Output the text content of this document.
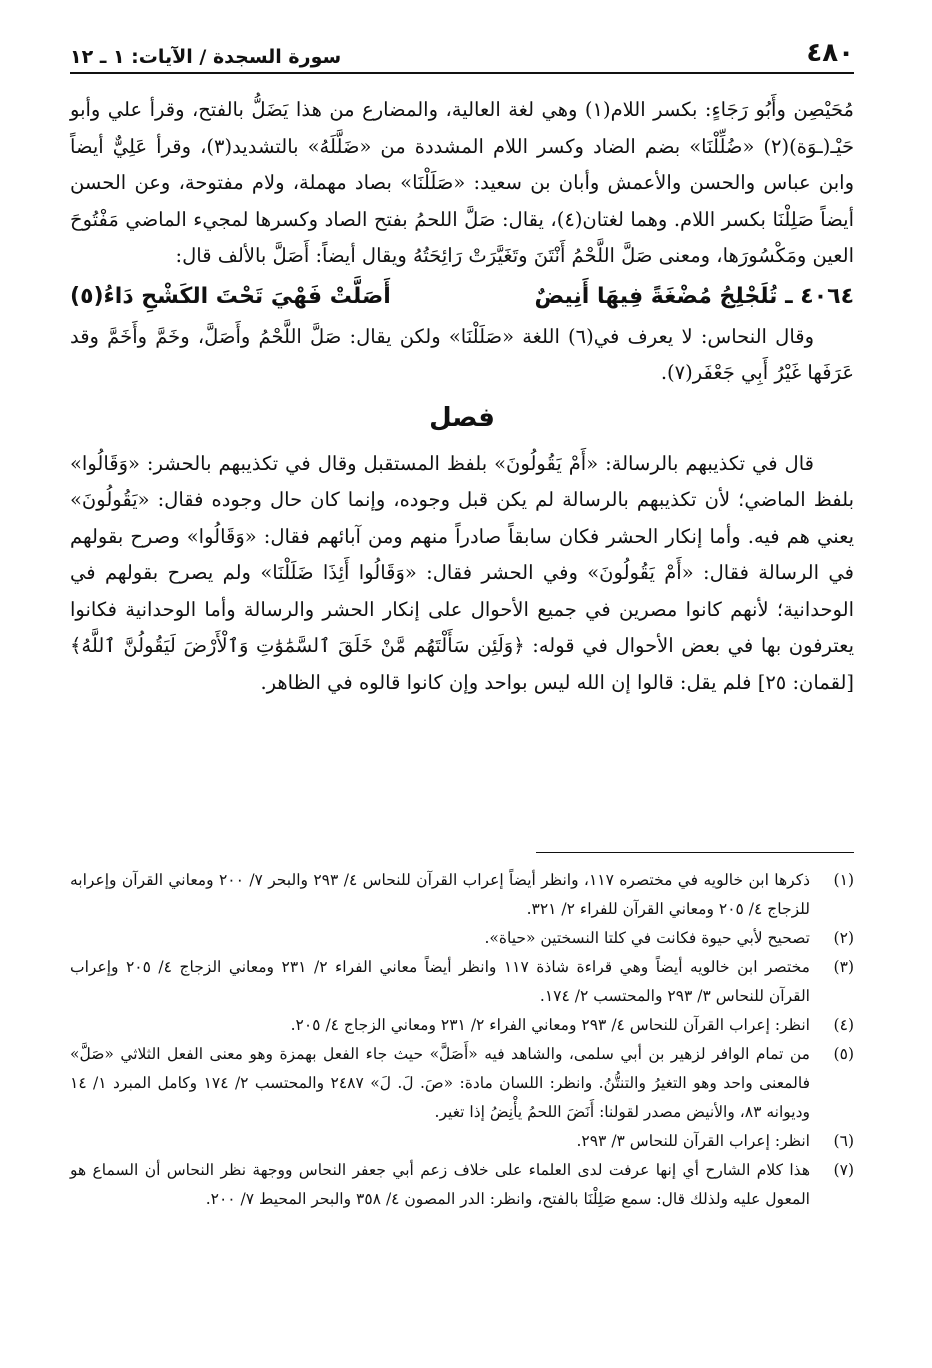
٤٨٠
سورة السجدة / الآيات: ١ ـ ١٢

مُحَيْصِن وأَبُو رَجَاءٍ: بكسر اللام(١) وهي لغة العالية، والمضارع من هذا يَضَلُّ بالفتح، وقرأ علي وأبو حَيْـ(ـوَة)(٢) «ضُلِّلْنَا» بضم الضاد وكسر اللام المشددة من «ضَلَّلَهُ» بالتشديد(٣)، وقرأ عَلِيٌّ أيضاً وابن عباس والحسن والأعمش وأبان بن سعيد: «صَلَلْنَا» بصاد مهملة، ولام مفتوحة، وعن الحسن أيضاً صَلِلْنَا بكسر اللام. وهما لغتان(٤)، يقال: صَلَّ اللحمُ بفتح الصاد وكسرها لمجيء الماضي مَفْتُوحَ العين ومَكْسُورَها، ومعنى صَلَّ اللَّحْمُ أَنْتَنَ وتَغَيَّرَتْ رَائِحَتُهُ ويقال أيضاً: أَصَلَّ بالألف قال:

٤٠٦٤ ـ تُلَجْلِجُ مُضْغَةً فِيهَا أَنِيضٌ
أَصَلَّتْ فَهْيَ تَحْتَ الكَشْحِ دَاءُ(٥)

وقال النحاس: لا يعرف في(٦) اللغة «صَلَلْنَا» ولكن يقال: صَلَّ اللَّحْمُ وأَصَلَّ، وخَمَّ وأَخَمَّ وقد عَرَفَها غَيْرُ أَبِي جَعْفَر(٧).

فصل

قال في تكذيبهم بالرسالة: «أَمْ يَقُولُونَ» بلفظ المستقبل وقال في تكذيبهم بالحشر: «وَقَالُوا» بلفظ الماضي؛ لأن تكذيبهم بالرسالة لم يكن قبل وجوده، وإنما كان حال وجوده فقال: «يَقُولُونَ» يعني هم فيه. وأما إنكار الحشر فكان سابقاً صادراً منهم ومن آبائهم فقال: «وَقَالُوا» وصرح بقولهم في الرسالة فقال: «أَمْ يَقُولُونَ» وفي الحشر فقال: «وَقَالُوا أَئِذَا ضَلَلْنَا» ولم يصرح بقولهم في الوحدانية؛ لأنهم كانوا مصرين في جميع الأحوال على إنكار الحشر والرسالة وأما الوحدانية فكانوا يعترفون بها في بعض الأحوال في قوله: ﴿وَلَئِن سَأَلْتَهُم مَّنْ خَلَقَ ٱلسَّمَٰوَٰتِ وَٱلْأَرْضَ لَيَقُولُنَّ ٱللَّهُ﴾ [لقمان: ٢٥] فلم يقل: قالوا إن الله ليس بواحد وإن كانوا قالوه في الظاهر.

(١)
ذكرها ابن خالويه في مختصره ١١٧، وانظر أيضاً إعراب القرآن للنحاس ٤/ ٢٩٣ والبحر ٧/ ٢٠٠ ومعاني القرآن وإعرابه للزجاج ٤/ ٢٠٥ ومعاني القرآن للفراء ٢/ ٣٢١.
(٢)
تصحيح لأبي حيوة فكانت في كلتا النسختين «حياة».
(٣)
مختصر ابن خالويه أيضاً وهي قراءة شاذة ١١٧ وانظر أيضاً معاني الفراء ٢/ ٢٣١ ومعاني الزجاج ٤/ ٢٠٥ وإعراب القرآن للنحاس ٣/ ٢٩٣ والمحتسب ٢/ ١٧٤.
(٤)
انظر: إعراب القرآن للنحاس ٤/ ٢٩٣ ومعاني الفراء ٢/ ٢٣١ ومعاني الزجاج ٤/ ٢٠٥.
(٥)
من تمام الوافر لزهير بن أبي سلمى، والشاهد فيه «أَصَلَّ» حيث جاء الفعل بهمزة وهو معنى الفعل الثلاثي «صَلَّ» فالمعنى واحد وهو التغيرُ والتنتُّنُ. وانظر: اللسان مادة: «صَ. لَ. لَ» ٢٤٨٧ والمحتسب ٢/ ١٧٤ وكامل المبرد ١/ ١٤ وديوانه ٨٣، والأنيض مصدر لقولنا: أَنَضَ اللحمُ يأْنِضُ إذا تغير.
(٦)
انظر: إعراب القرآن للنحاس ٣/ ٢٩٣.
(٧)
هذا كلام الشارح أي إنها عرفت لدى العلماء على خلاف زعم أبي جعفر النحاس ووجهة نظر النحاس أن السماع هو المعول عليه ولذلك قال: سمع صَلِلْنَا بالفتح، وانظر: الدر المصون ٤/ ٣٥٨ والبحر المحيط ٧/ ٢٠٠.
